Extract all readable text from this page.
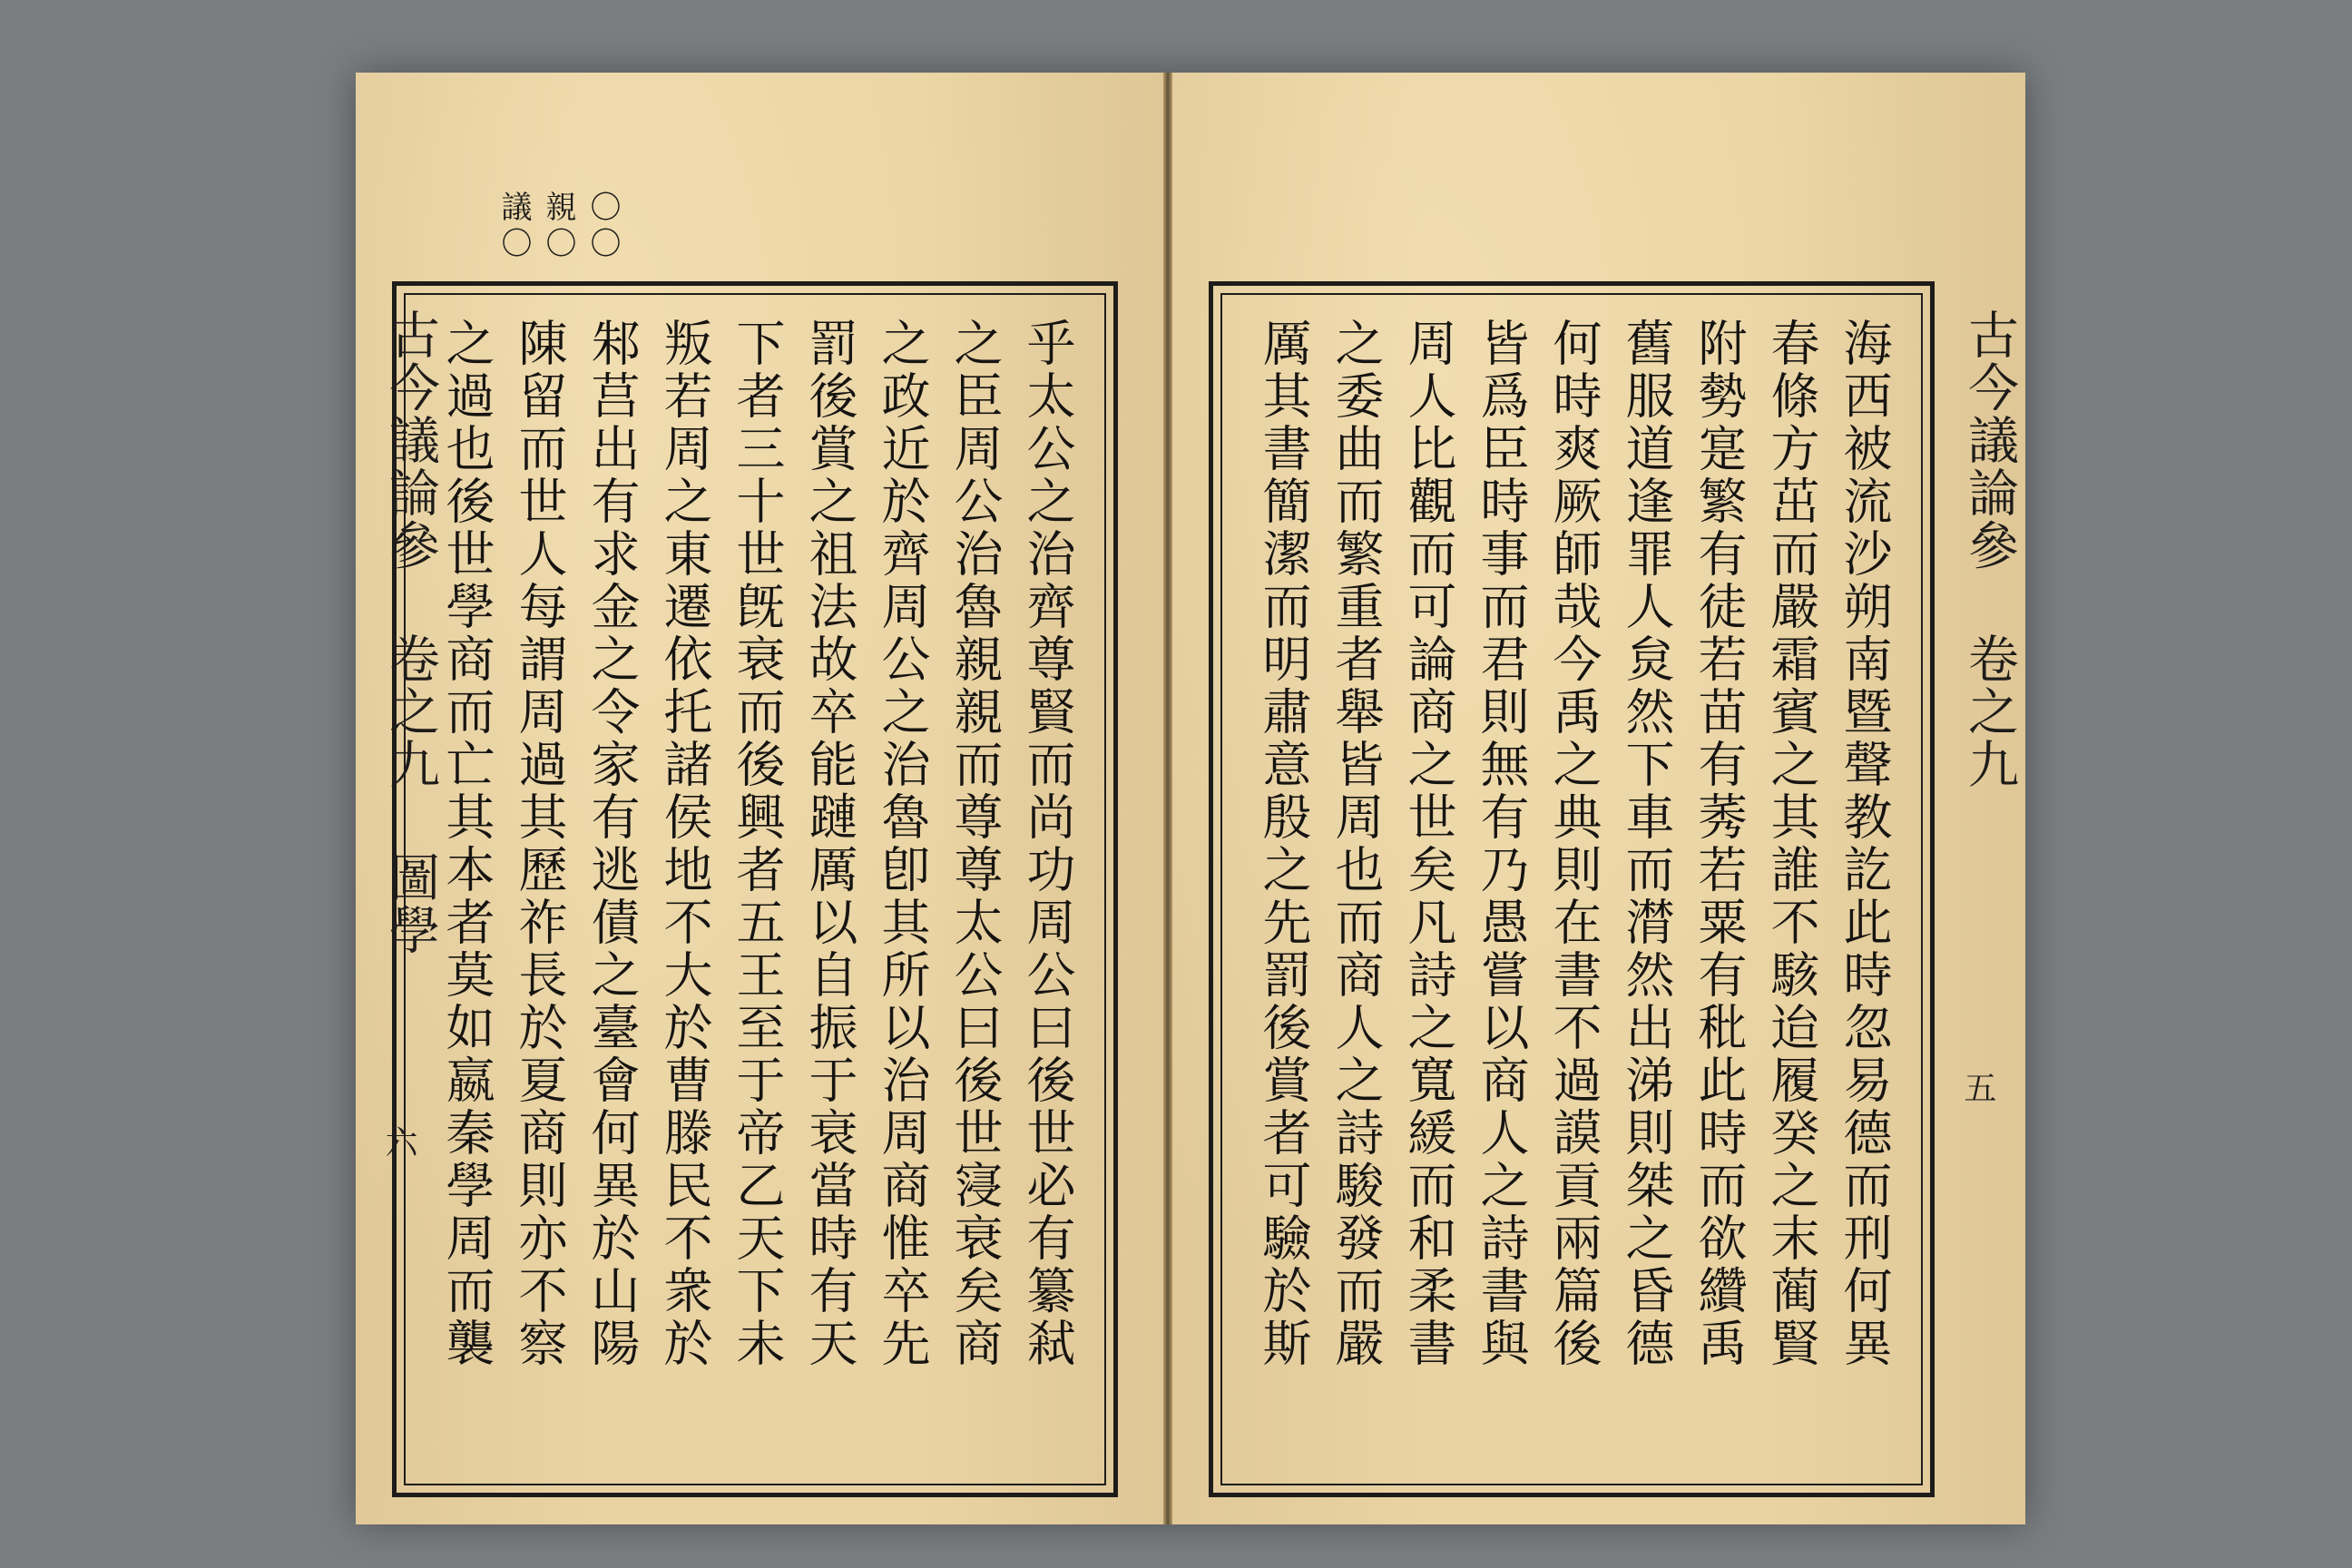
〇〇
親〇
議〇
古今議論參 卷之九 圖學
六	乎太公之治齊尊賢而尚功周公曰後世必有纂弒
之臣周公治魯親親而尊尊太公曰後世寖衰矣商
之政近於齊周公之治魯卽其所以治周商惟卒先
罰後賞之祖法故卒能蹥厲以自振于衰當時有天
下者三十世旣衰而後興者五王至于帝乙天下未
叛若周之東遷依托諸侯地不大於曹滕民不衆於
邾莒出有求金之令家有逃債之臺會何異於山陽
陳留而世人每謂周過其歷祚長於夏商則亦不察
之過也後世學商而亡其本者莫如嬴秦學周而襲	古今議論參 卷之九
五
海西被流沙朔南暨聲教訖此時忽易德而刑何異
春條方茁而嚴霜賓之其誰不駭迨履癸之末蔺賢
附勢寔繁有徒若苗有莠若粟有秕此時而欲纘禹
舊服道逢罪人炱然下車而潸然出涕則桀之昏德
何時爽厥師哉今禹之典則在書不過謨貢兩篇後
皆爲臣時事而君則無有乃愚嘗以商人之詩書與
周人比觀而可論商之世矣凡詩之寬緩而和柔書
之委曲而繁重者舉皆周也而商人之詩駿發而嚴
厲其書簡潔而明肅意殷之先罰後賞者可驗於斯
